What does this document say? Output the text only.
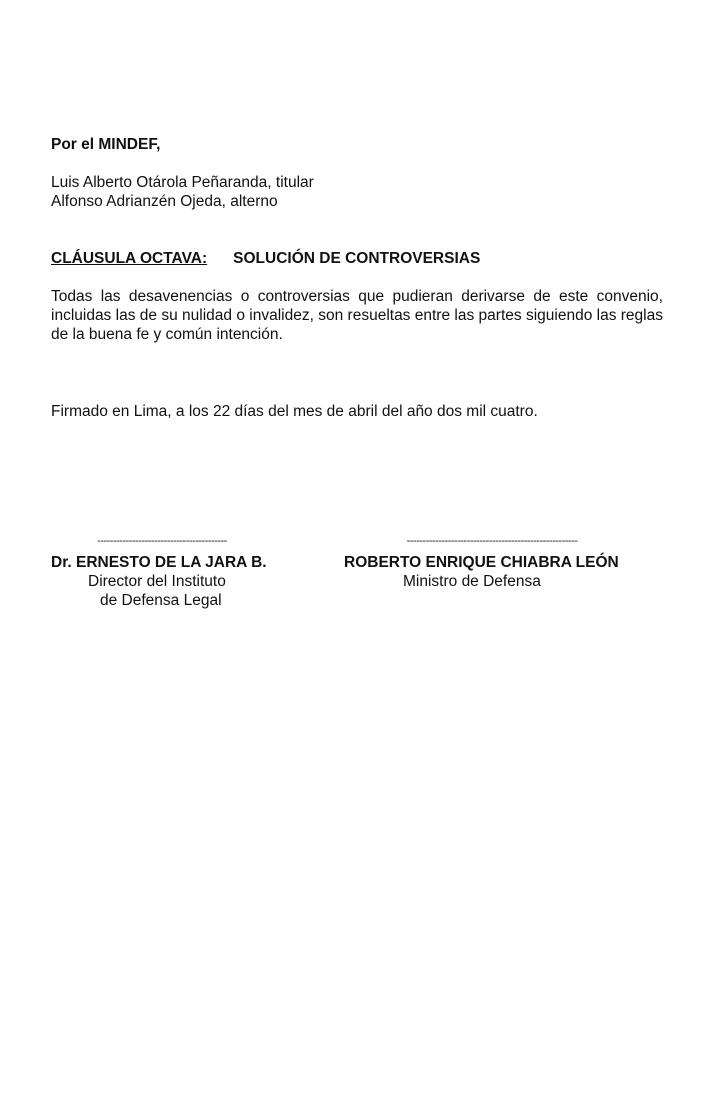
Por el MINDEF,
Luis Alberto Otárola Peñaranda, titular
Alfonso Adrianzén Ojeda, alterno
CLÁUSULA OCTAVA: SOLUCIÓN DE CONTROVERSIAS
Todas las desavenencias o controversias que pudieran derivarse de este convenio, incluidas las de su nulidad o invalidez, son resueltas entre las partes siguiendo las reglas de la buena fe y común intención.
Firmado en Lima, a los 22 días del mes de abril del año dos mil cuatro.
-----------------------------------------
Dr. ERNESTO DE LA JARA B.
Director del Instituto
de Defensa Legal
------------------------------------------------------
ROBERTO ENRIQUE CHIABRA LEÓN
Ministro de Defensa
